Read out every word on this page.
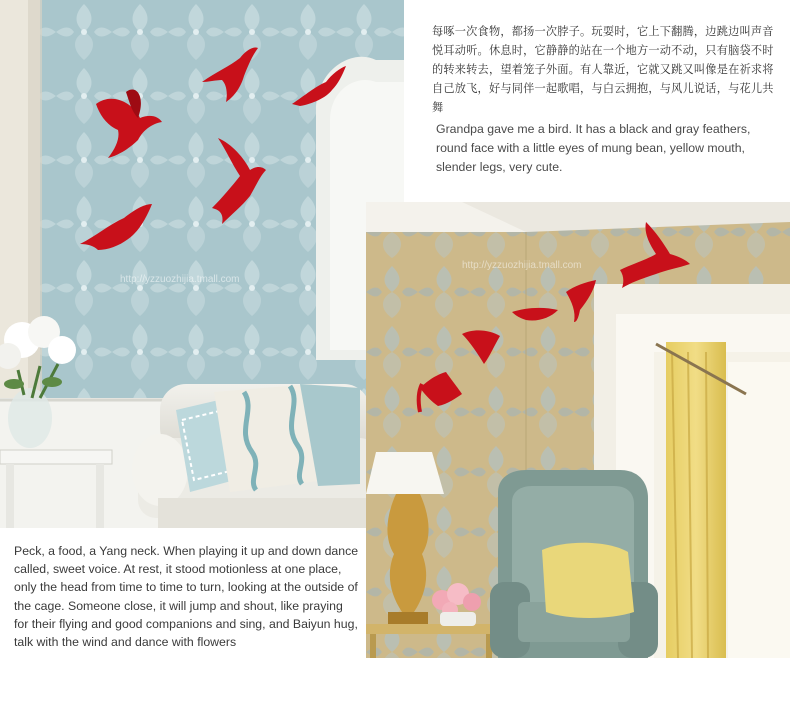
http://yzzuozhijia.tmall.com

每啄一次食物，都扬一次脖子。玩耍时，它上下翻腾，边跳边叫声音悦耳动听。休息时，它静静的站在一个地方一动不动，只有脑袋不时的转来转去，望着笼子外面。有人靠近，它就又跳又叫像是在祈求将自己放飞，好与同伴一起歌唱，与白云拥抱，与风儿说话，与花儿共舞

Grandpa gave me a bird. It has a black and gray feathers, round face with a little eyes of mung bean, yellow mouth, slender legs, very cute.

http://yzzuozhijia.tmall.com

Peck, a food, a Yang neck. When playing it up and down dance called, sweet voice. At rest, it stood motionless at one place, only the head from time to time to turn, looking at the outside of the cage. Someone close, it will jump and shout, like praying for their flying and good companions and sing, and Baiyun hug, talk with the wind and dance with flowers
